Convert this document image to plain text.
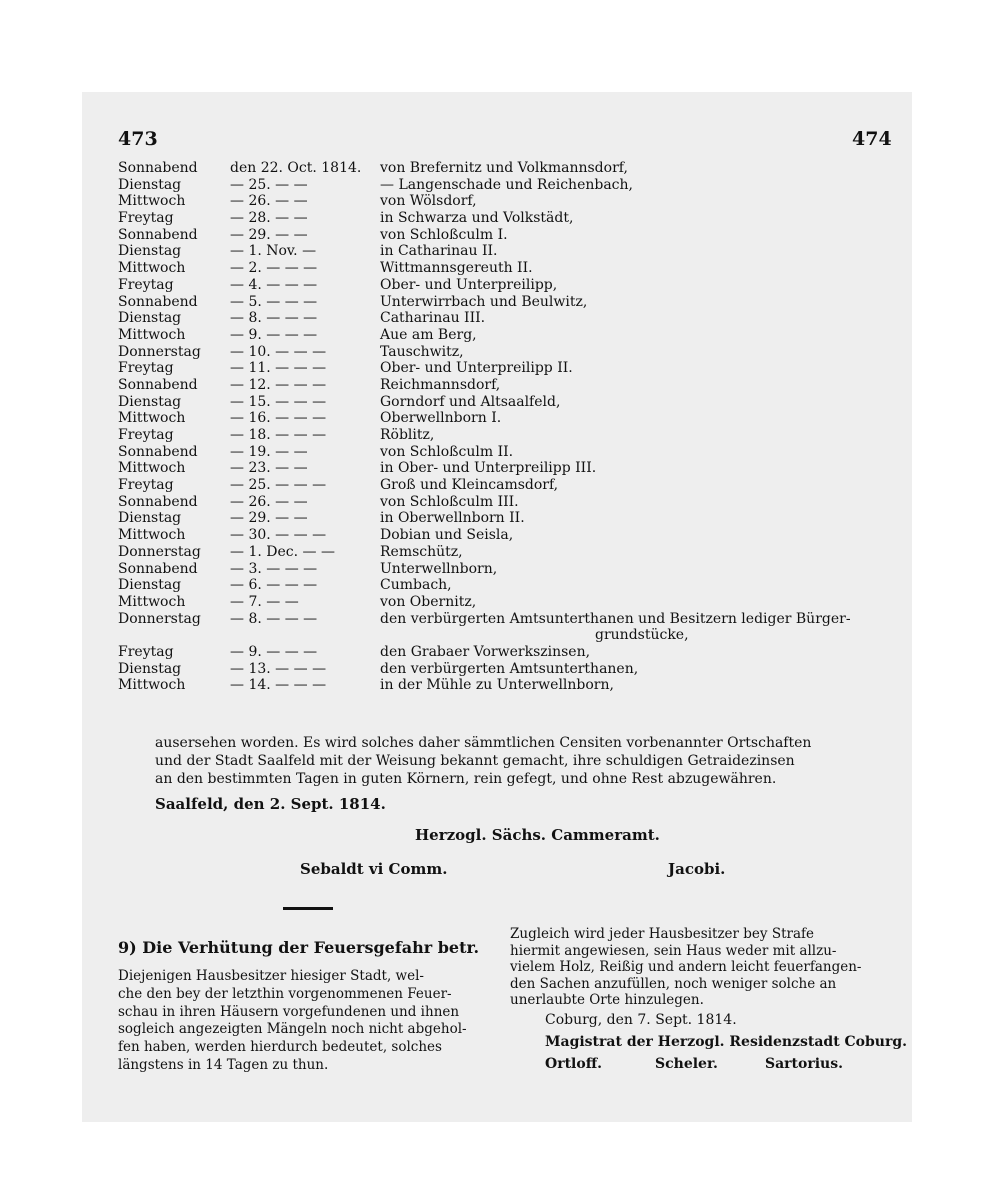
473	474
Sonnabend den 22. Oct. 1814. von Brefernitz und Volkmannsdorf,
Dienstag	— 25. — —	— Langenschade und Reichenbach,
Mittwoch	— 26. — —	von Wölsdorf,
Freytag	— 28. — —	in Schwarza und Volkstädt,
Sonnabend — 29. — —	von Schloßculm I.
Dienstag	— 1. Nov. —	in Catharinau II.
Mittwoch	— 2. — — —	Wittmannsgereuth II.
Freytag	— 4. — — —	Ober- und Unterpreilipp,
Sonnabend — 5. — — —	Unterwirrbach und Beulwitz,
Dienstag	— 8. — — —	Catharinau III.
Mittwoch	— 9. — — —	Aue am Berg,
Donnerstag — 10. — — —	Tauschwitz,
Freytag	— 11. — — —	Ober- und Unterpreilipp II.
Sonnabend — 12. — — —	Reichmannsdorf,
Dienstag	— 15. — — —	Gorndorf und Altsaalfeld,
Mittwoch	— 16. — — —	Oberwellnborn I.
Freytag	— 18. — — —	Röblitz,
Sonnabend — 19. — —	von Schloßculm II.
Mittwoch	— 23. — —	in Ober- und Unterpreilipp III.
Freytag	— 25. — — —	Groß und Kleincamsdorf,
Sonnabend — 26. — —	von Schloßculm III.
Dienstag	— 29. — —	in Oberwellnborn II.
Mittwoch	— 30. — — —	Dobian und Seisla,
Donnerstag — 1. Dec. — —	Remschütz,
Sonnabend — 3. — — —	Unterwellnborn,
Dienstag	— 6. — — —	Cumbach,
Mittwoch	— 7. — —	von Obernitz,
Donnerstag — 8. — — —	den verbürgerten Amtsunterthanen und Besitzern lediger Bürger-
grundstücke,
Freytag	— 9. — — —	den Grabaer Vorwerkszinsen,
Dienstag	— 13. — — —	den verbürgerten Amtsunterthanen,
Mittwoch	— 14. — — —	in der Mühle zu Unterwellnborn,
ausersehen worden. Es wird solches daher sämmtlichen Censiten vorbenannter Ortschaften
und der Stadt Saalfeld mit der Weisung bekannt gemacht, ihre schuldigen Getraidezinsen
an den bestimmten Tagen in guten Körnern, rein gefegt, und ohne Rest abzugewähren.
Saalfeld, den 2. Sept. 1814.
Herzogl. Sächs. Cammeramt.
Sebaldt vi Comm.	Jacobi.
9) Die Verhütung der Feuersgefahr betr.
Diejenigen Hausbesitzer hiesiger Stadt, wel-
che den bey der letzthin vorgenommenen Feuer-
schau in ihren Häusern vorgefundenen und ihnen
sogleich angezeigten Mängeln noch nicht abgehol-
fen haben, werden hierdurch bedeutet, solches
längstens in 14 Tagen zu thun.
Zugleich wird jeder Hausbesitzer bey Strafe
hiermit angewiesen, sein Haus weder mit allzu-
vielem Holz, Reißig und andern leicht feuerfangen-
den Sachen anzufüllen, noch weniger solche an
unerlaubte Orte hinzulegen.
Coburg, den 7. Sept. 1814.
Magistrat der Herzogl. Residenzstadt Coburg.
Ortloff.	Scheler.	Sartorius.
